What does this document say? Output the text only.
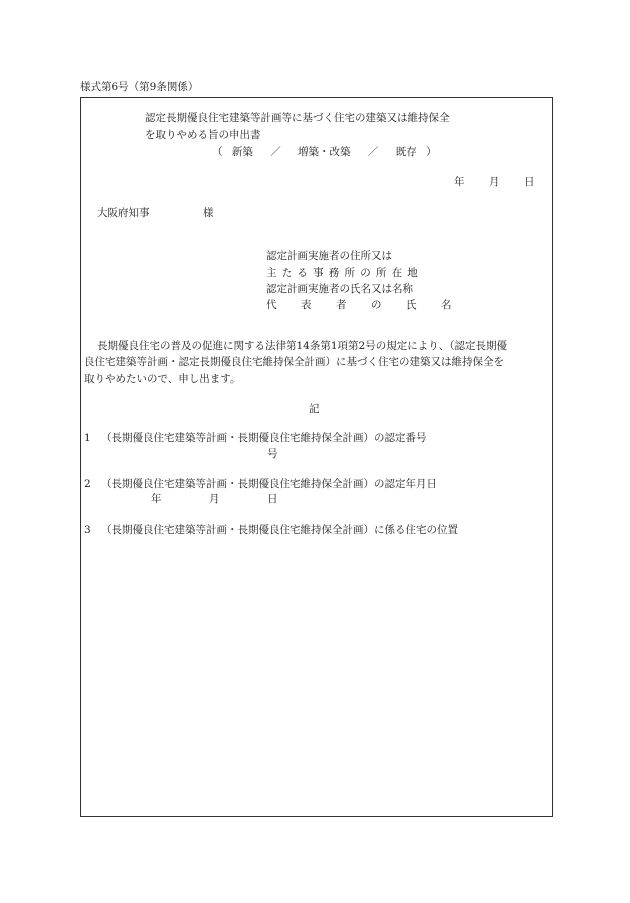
様式第6号（第9条関係）
認定長期優良住宅建築等計画等に基づく住宅の建築又は維持保全
を取りやめる旨の申出書
（ 新築 ／ 増築・改築 ／ 既存 ）
年 月 日
大阪府知事	様
認定計画実施者の住所又は
主たる事務所の所在地
認定計画実施者の氏名又は名称
代表者の氏名
長期優良住宅の普及の促進に関する法律第14条第1項第2号の規定により、（認定長期優
良住宅建築等計画・認定長期優良住宅維持保全計画）に基づく住宅の建築又は維持保全を
取りやめたいので、申し出ます。
記
1 （長期優良住宅建築等計画・長期優良住宅維持保全計画）の認定番号
号
2 （長期優良住宅建築等計画・長期優良住宅維持保全計画）の認定年月日
年	月	日
3 （長期優良住宅建築等計画・長期優良住宅維持保全計画）に係る住宅の位置
